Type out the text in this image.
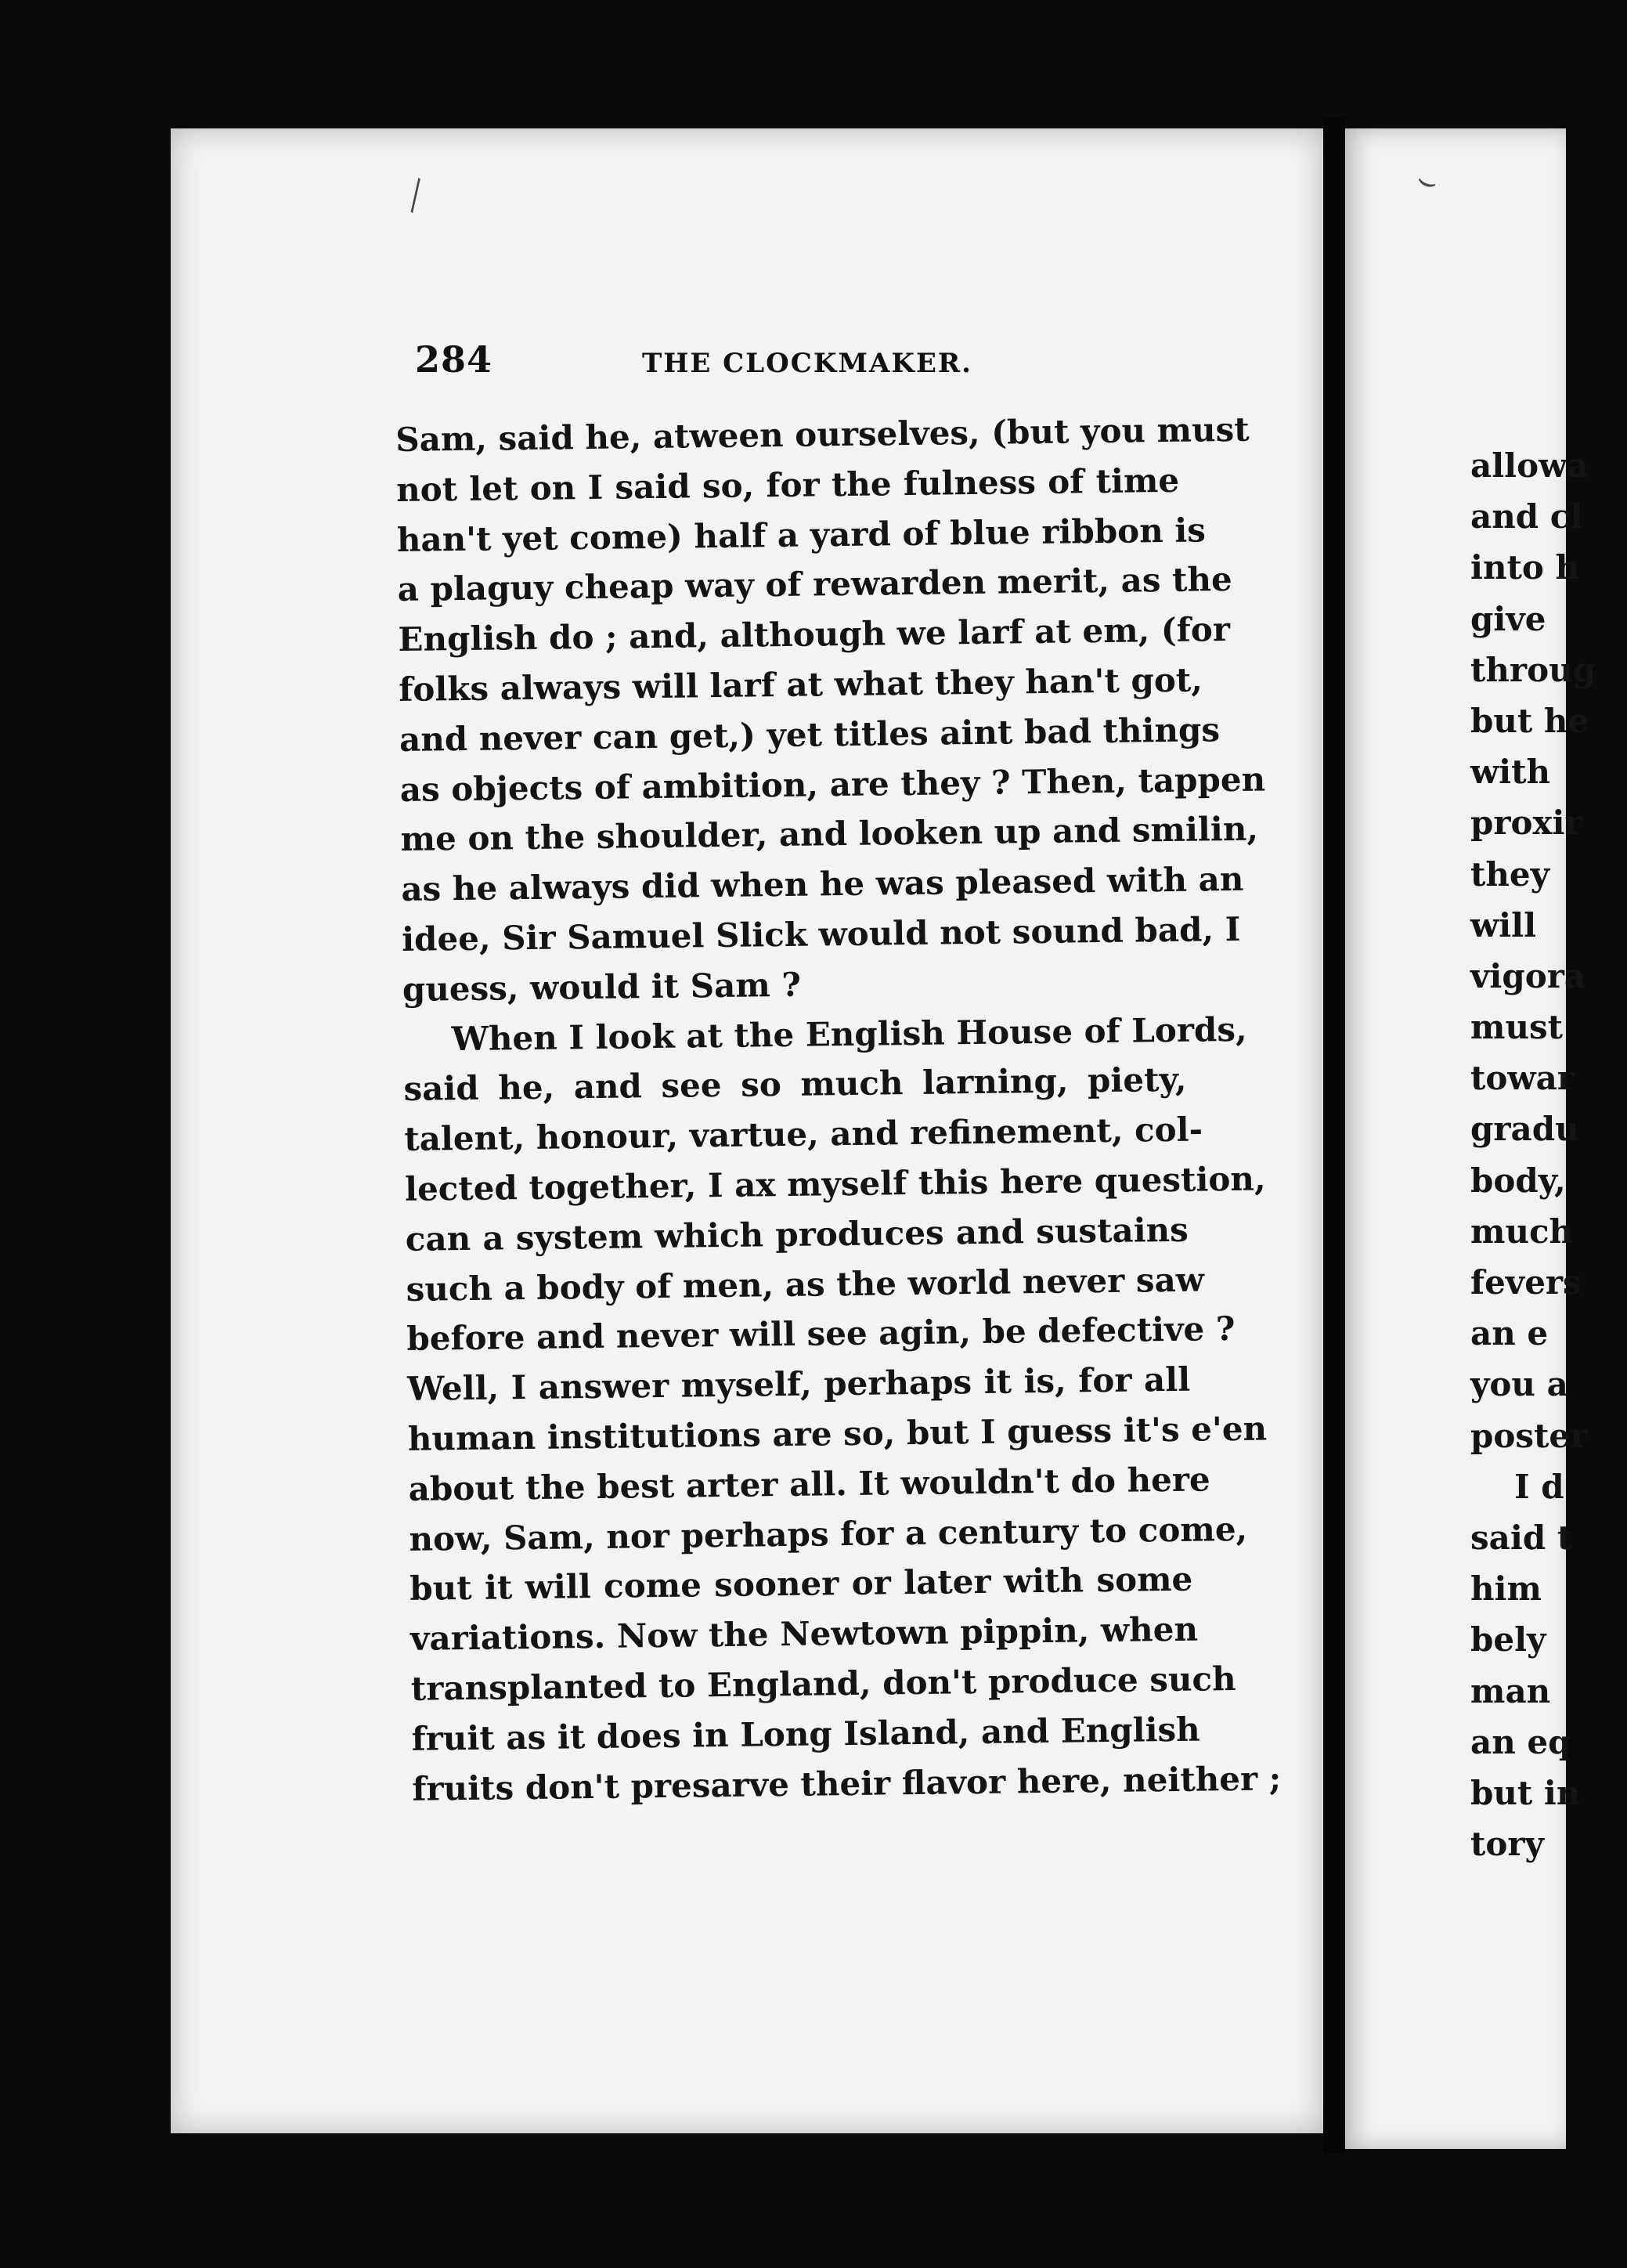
╲	⌣
284	THE CLOCKMAKER.
Sam, said he, atween ourselves, (but you must
not let on I said so, for the fulness of time
han't yet come) half a yard of blue ribbon is
a plaguy cheap way of rewarden merit, as the
English do ; and, although we larf at em, (for
folks always will larf at what they han't got,
and never can get,) yet titles aint bad things
as objects of ambition, are they ? Then, tappen
me on the shoulder, and looken up and smilin,
as he always did when he was pleased with an
idee, Sir Samuel Slick would not sound bad, I
guess, would it Sam ?
When I look at the English House of Lords,
said he, and see so much larning, piety,
talent, honour, vartue, and refinement, col-
lected together, I ax myself this here question,
can a system which produces and sustains
such a body of men, as the world never saw
before and never will see agin, be defective ?
Well, I answer myself, perhaps it is, for all
human institutions are so, but I guess it's e'en
about the best arter all. It wouldn't do here
now, Sam, nor perhaps for a century to come,
but it will come sooner or later with some
variations. Now the Newtown pippin, when
transplanted to England, don't produce such
fruit as it does in Long Island, and English
fruits don't presarve their flavor here, neither ;
allowa
and cl
into h
give
throug
but he
with
proxir
they
will
vigora
must
towar
gradu
body,
much
fevers
an e
you a
poster
I d
said t
him
bely
man
an eq
but in
tory
